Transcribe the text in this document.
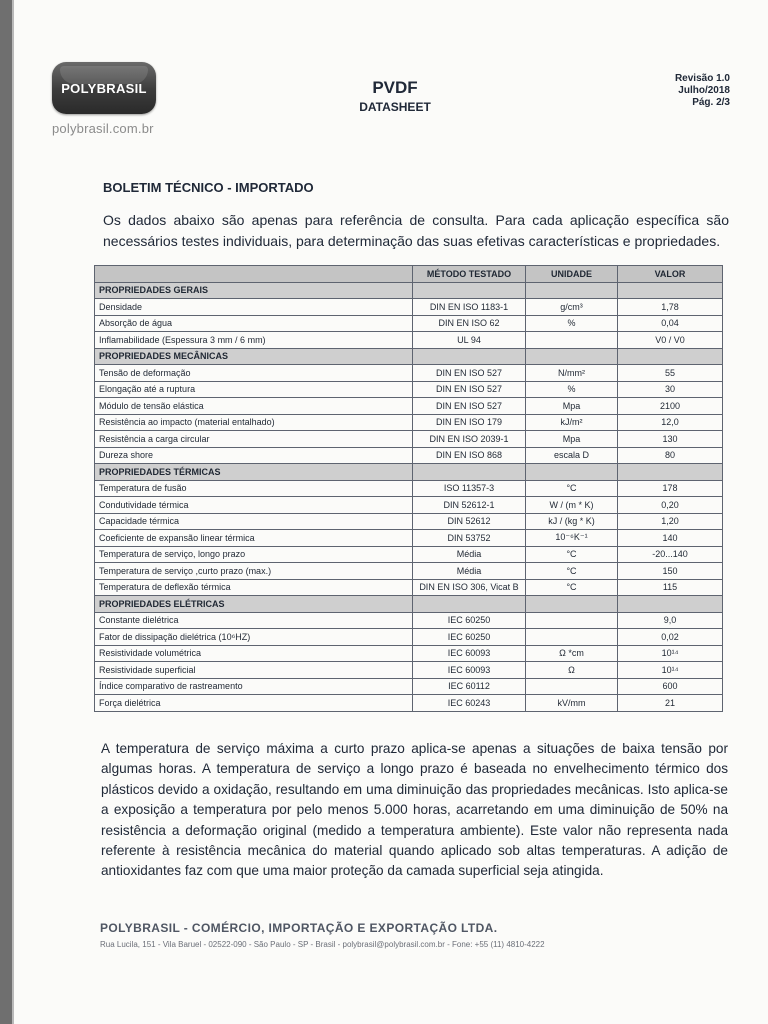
POLYBRASIL
polybrasil.com.br
PVDF
DATASHEET
Revisão 1.0
Julho/2018
Pág. 2/3
BOLETIM TÉCNICO - IMPORTADO
Os dados abaixo são apenas para referência de consulta. Para cada aplicação específica são necessários testes individuais, para determinação das suas efetivas características e propriedades.
	MÉTODO TESTADO	UNIDADE	VALOR
PROPRIEDADES GERAIS			
Densidade	DIN EN ISO 1183-1	g/cm³	1,78
Absorção de água	DIN EN ISO 62	%	0,04
Inflamabilidade (Espessura 3 mm / 6 mm)	UL 94		V0 / V0
PROPRIEDADES MECÂNICAS			
Tensão de deformação	DIN EN ISO 527	N/mm²	55
Elongação até a ruptura	DIN EN ISO 527	%	30
Módulo de tensão elástica	DIN EN ISO 527	Mpa	2100
Resistência ao impacto (material entalhado)	DIN EN ISO 179	kJ/m²	12,0
Resistência a carga circular	DIN EN ISO 2039-1	Mpa	130
Dureza shore	DIN EN ISO 868	escala D	80
PROPRIEDADES TÉRMICAS			
Temperatura de fusão	ISO 11357-3	°C	178
Condutividade térmica	DIN 52612-1	W / (m * K)	0,20
Capacidade térmica	DIN 52612	kJ / (kg * K)	1,20
Coeficiente de expansão linear térmica	DIN 53752	10⁻⁶K⁻¹	140
Temperatura de serviço, longo prazo	Média	°C	-20...140
Temperatura de serviço ,curto prazo (max.)	Média	°C	150
Temperatura de deflexão térmica	DIN EN ISO 306, Vicat B	°C	115
PROPRIEDADES ELÉTRICAS			
Constante dielétrica	IEC 60250		9,0
Fator de dissipação dielétrica (10⁶HZ)	IEC 60250		0,02
Resistividade volumétrica	IEC 60093	Ω *cm	10¹⁴
Resistividade superficial	IEC 60093	Ω	10¹⁴
Índice comparativo de rastreamento	IEC 60112		600
Força dielétrica	IEC 60243	kV/mm	21
A temperatura de serviço máxima a curto prazo aplica-se apenas a situações de baixa tensão por algumas horas. A temperatura de serviço a longo prazo é baseada no envelhecimento térmico dos plásticos devido a oxidação, resultando em uma diminuição das propriedades mecânicas. Isto aplica-se a exposição a temperatura por pelo menos 5.000 horas, acarretando em uma diminuição de 50% na resistência a deformação original (medido a temperatura ambiente). Este valor não representa nada referente à resistência mecânica do material quando aplicado sob altas temperaturas. A adição de antioxidantes faz com que uma maior proteção da camada superficial seja atingida.
POLYBRASIL - COMÉRCIO, IMPORTAÇÃO E EXPORTAÇÃO LTDA.
Rua Lucila, 151 - Vila Baruel - 02522-090 - São Paulo - SP - Brasil - polybrasil@polybrasil.com.br - Fone: +55 (11) 4810-4222
